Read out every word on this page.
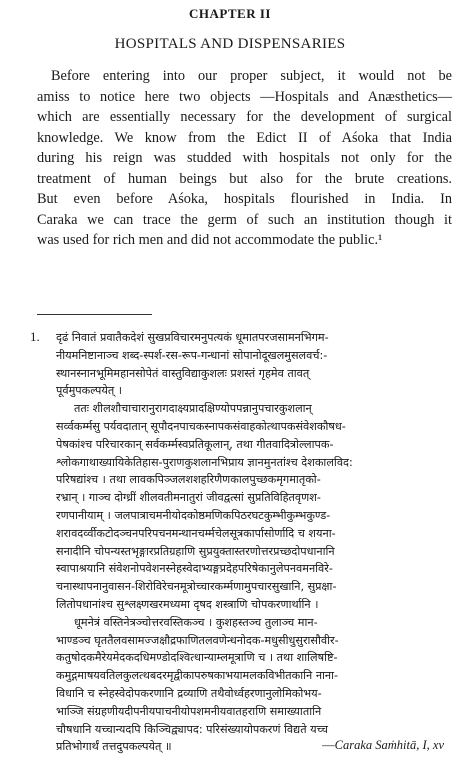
CHAPTER II
HOSPITALS AND DISPENSARIES
Before entering into our proper subject, it would not be
amiss to notice here two objects —Hospitals and Anæsthetics—
which are essentially necessary for the development of surgical
knowledge. We know from the Edict II of Aśoka that India
during his reign was studded with hospitals not only for the
treatment of human beings but also for the brute creations.
But even before Aśoka, hospitals flourished in India. In
Caraka we can trace the germ of such an institution though it
was used for rich men and did not accommodate the public.¹
1. दृढं निवातं प्रवातैकदेशं सुखप्रविचारमनुपत्यकं धूमातपरजसामनभिगम-
नीयमनिष्टानाञ्च शब्द-स्पर्श-रस-रूप-गन्धानां सोपानोदूखलमुसलवर्च:-
स्थानस्नानभूमिमहानसोपेतं वास्तुविद्याकुशलः प्रशस्तं गृहमेव तावत्
पूर्वमुपकल्पयेत् ।
ततः शीलशौचाचारानुरागदाक्ष्यप्रादक्षिण्योपपन्नानुपचारकुशलान्
सर्व्वकर्म्मसु पर्यवदातान् सूपौदनपाचकस्नापकसंवाहकोत्थापकसंवेशकौषध-
पेषकांश्च परिचारकान् सर्वकर्म्मस्वप्रतिकूलान्, तथा गीतवादित्रोल्लापक-
श्लोकगाथाख्यायिकेतिहास-पुराणकुशलानभिप्राय ज्ञानमुनतांश्च देशकालविद:
परिषद्यांश्च । तथा लावकपिञ्जलशशहरिणैणकालपुच्छकमृगमातृको-
रभ्रान् । गाञ्च दोग्ध्रीं शीलवतीमनातुरां जीवद्वत्सां सुप्रतिविहितवृणश-
रणपानीयाम् । जलपात्राचमनीयोदकोष्ठमणिकपिठरघटकुम्भीकुम्भकुण्ड-
शरावदर्व्वीकटोदञ्चनपरिपचनमन्थानचर्म्मचेलसूत्रकार्पासोर्णादि च शयना-
सनादीनि चोपन्यस्तभृङ्गारप्रतिग्रहाणि सुप्रयुक्तास्तरणोत्तरप्रच्छदोपधानानि
स्वापाश्रयानि संवेशनोपवेशनस्नेहस्वेदाभ्यङ्गप्रदेहपरिषेकानुलेपनवमनविरे-
चनास्थापनानुवासन-शिरोविरेचनमूत्रोच्चारकर्म्मणामुपचारसुखानि, सुप्रक्षा-
लितोपधानांश्च सुश्लक्ष्णखरमध्यमा दृषद शस्त्राणि चोपकरणार्थानि ।
धूमनेत्रं वस्तिनेत्रञ्चोत्तरवस्तिकञ्च । कुशहस्तञ्च तुलाञ्च मान-
भाण्डञ्च घृततैलवसामज्जक्षौद्रफाणितलवणेन्धनोदक-मधुसीधुसुरासौवीर-
कतुषोदकमैरेयमेदकदधिमण्डोदश्वित्धान्याम्लमूत्राणि च । तथा शालिषष्टि-
कमुद्गमाषयवतिलकुलत्थबदरमृद्वीकापरुषकाभयामलकविभीतकानि नाना-
विधानि च स्नेहस्वेदोपकरणानि द्रव्याणि तथैवोर्ध्वहरणानुलोमिकोभय-
भाञ्जि संग्रहणीयदीपनीयपाचनीयोपशमनीयवातहराणि समाख्यातानि
चौषधानि यच्चान्यदपि किञ्चिद्व्यापद: परिसंख्यायोपकरणं विद्यते यच्च
प्रतिभोगार्थं तत्तदुपकल्पयेत् ॥	—Caraka Saṁhitā, I, xv
